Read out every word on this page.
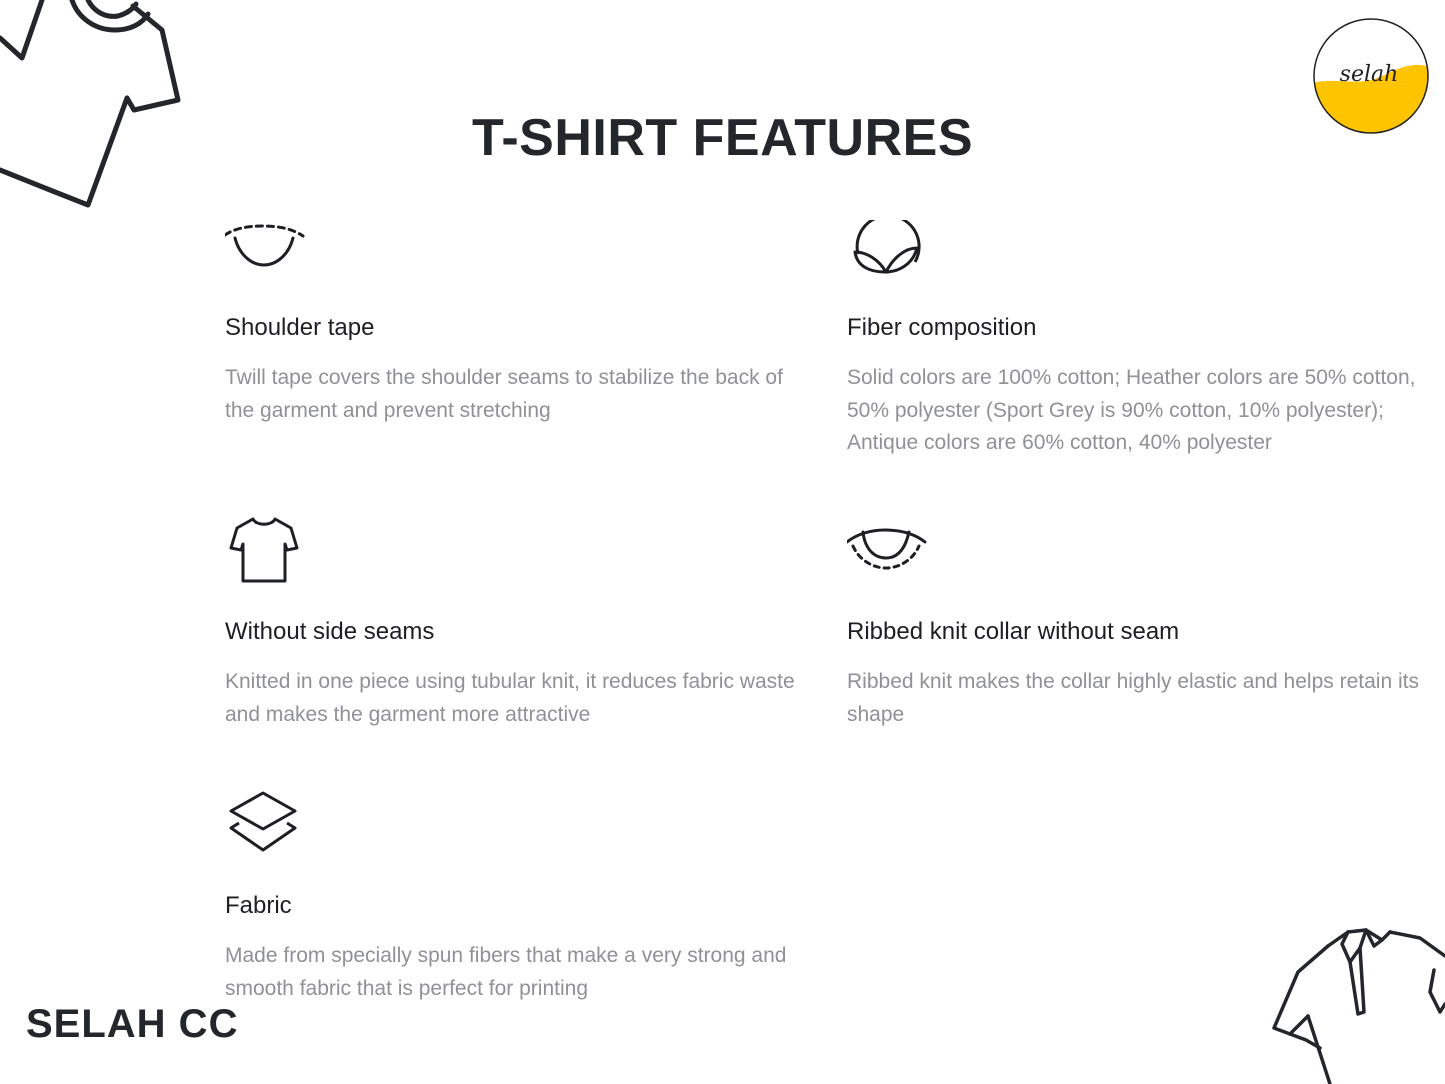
selah
T-SHIRT FEATURES
Shoulder tape
Twill tape covers the shoulder seams to stabilize the back of the garment and prevent stretching
Fiber composition
Solid colors are 100% cotton; Heather colors are 50% cotton, 50% polyester (Sport Grey is 90% cotton, 10% polyester); Antique colors are 60% cotton, 40% polyester
Without side seams
Knitted in one piece using tubular knit, it reduces fabric waste and makes the garment more attractive
Ribbed knit collar without seam
Ribbed knit makes the collar highly elastic and helps retain its shape
Fabric
Made from specially spun fibers that make a very strong and smooth fabric that is perfect for printing
SELAH CC
